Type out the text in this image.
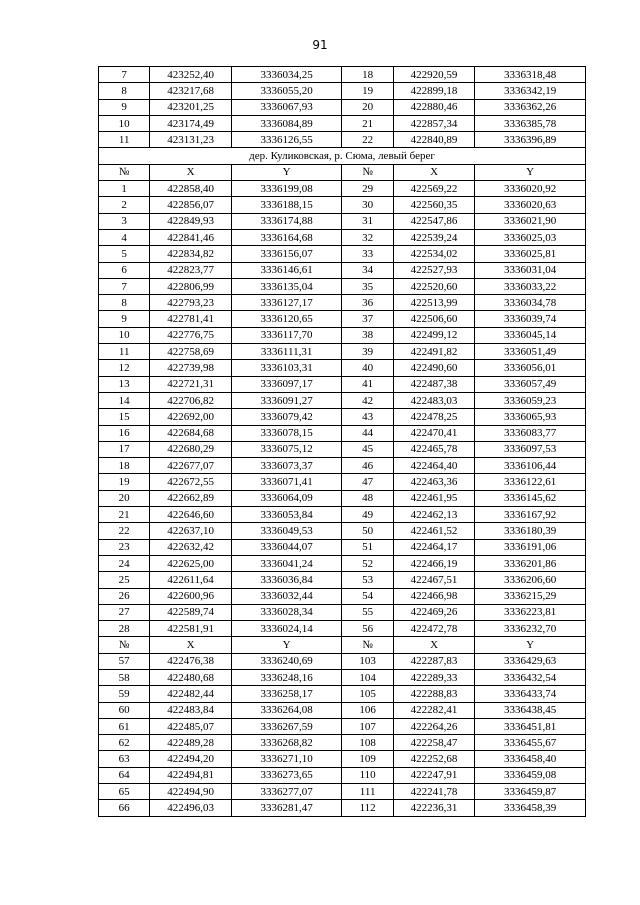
91
7	423252,40	3336034,25	18	422920,59	3336318,48
8	423217,68	3336055,20	19	422899,18	3336342,19
9	423201,25	3336067,93	20	422880,46	3336362,26
10	423174,49	3336084,89	21	422857,34	3336385,78
11	423131,23	3336126,55	22	422840,89	3336396,89
дер. Куликовская, р. Сюма, левый берег					
№	X	Y	№	X	Y
1	422858,40	3336199,08	29	422569,22	3336020,92
2	422856,07	3336188,15	30	422560,35	3336020,63
3	422849,93	3336174,88	31	422547,86	3336021,90
4	422841,46	3336164,68	32	422539,24	3336025,03
5	422834,82	3336156,07	33	422534,02	3336025,81
6	422823,77	3336146,61	34	422527,93	3336031,04
7	422806,99	3336135,04	35	422520,60	3336033,22
8	422793,23	3336127,17	36	422513,99	3336034,78
9	422781,41	3336120,65	37	422506,60	3336039,74
10	422776,75	3336117,70	38	422499,12	3336045,14
11	422758,69	3336111,31	39	422491,82	3336051,49
12	422739,98	3336103,31	40	422490,60	3336056,01
13	422721,31	3336097,17	41	422487,38	3336057,49
14	422706,82	3336091,27	42	422483,03	3336059,23
15	422692,00	3336079,42	43	422478,25	3336065,93
16	422684,68	3336078,15	44	422470,41	3336083,77
17	422680,29	3336075,12	45	422465,78	3336097,53
18	422677,07	3336073,37	46	422464,40	3336106,44
19	422672,55	3336071,41	47	422463,36	3336122,61
20	422662,89	3336064,09	48	422461,95	3336145,62
21	422646,60	3336053,84	49	422462,13	3336167,92
22	422637,10	3336049,53	50	422461,52	3336180,39
23	422632,42	3336044,07	51	422464,17	3336191,06
24	422625,00	3336041,24	52	422466,19	3336201,86
25	422611,64	3336036,84	53	422467,51	3336206,60
26	422600,96	3336032,44	54	422466,98	3336215,29
27	422589,74	3336028,34	55	422469,26	3336223,81
28	422581,91	3336024,14	56	422472,78	3336232,70
№	X	Y	№	X	Y
57	422476,38	3336240,69	103	422287,83	3336429,63
58	422480,68	3336248,16	104	422289,33	3336432,54
59	422482,44	3336258,17	105	422288,83	3336433,74
60	422483,84	3336264,08	106	422282,41	3336438,45
61	422485,07	3336267,59	107	422264,26	3336451,81
62	422489,28	3336268,82	108	422258,47	3336455,67
63	422494,20	3336271,10	109	422252,68	3336458,40
64	422494,81	3336273,65	110	422247,91	3336459,08
65	422494,90	3336277,07	111	422241,78	3336459,87
66	422496,03	3336281,47	112	422236,31	3336458,39
